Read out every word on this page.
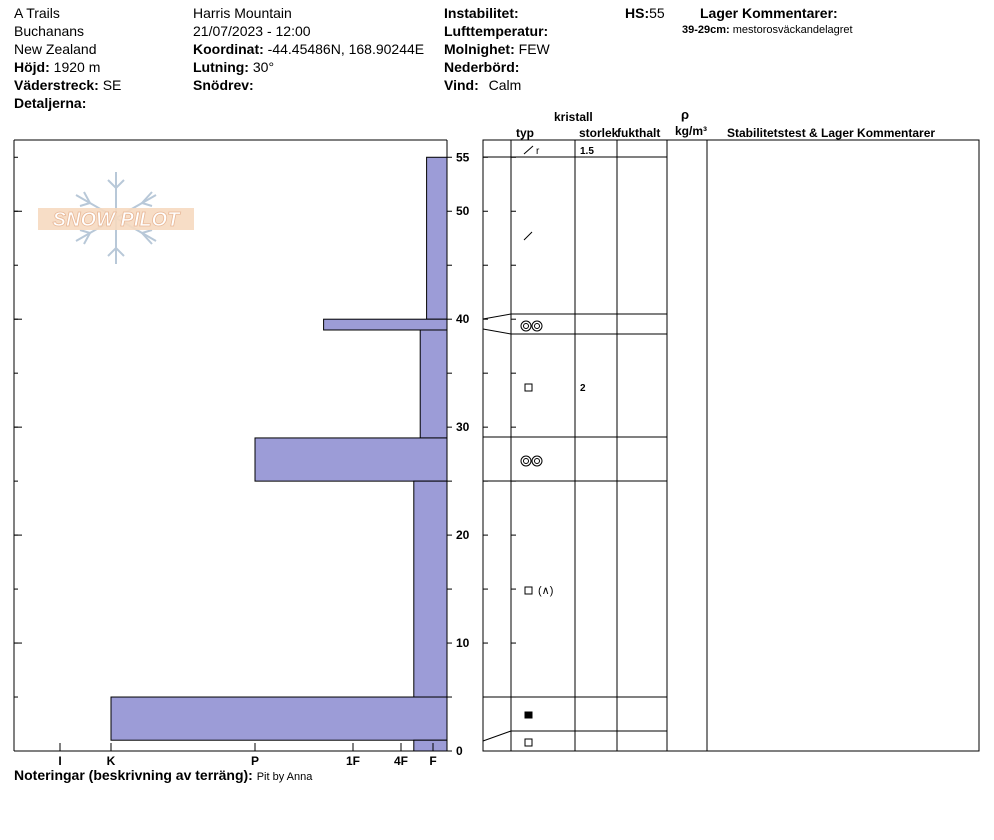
A Trails
Buchanans
New Zealand
Höjd: 1920 m
Väderstreck: SE
Detaljerna:
Harris Mountain
21/07/2023 - 12:00
Koordinat: -44.45486N, 168.90244E
Lutning: 30°
Snödrev:
Instabilitet:
Lufttemperatur:
Molnighet: FEW
Nederbörd:
Vind: Calm
HS:55	Lager Kommentarer:
39-29cm: mestorosväckandelagret
kristall
typ	storlek
fukthalt
ρ
kg/m³ Stabilitetstest & Lager Kommentarer
Noteringar (beskrivning av terräng): Pit by Anna
SNOW PILOT
0
10
20
30
40
50
55
I	K	P	1F	4F F
r	1.5
2
(∧)
